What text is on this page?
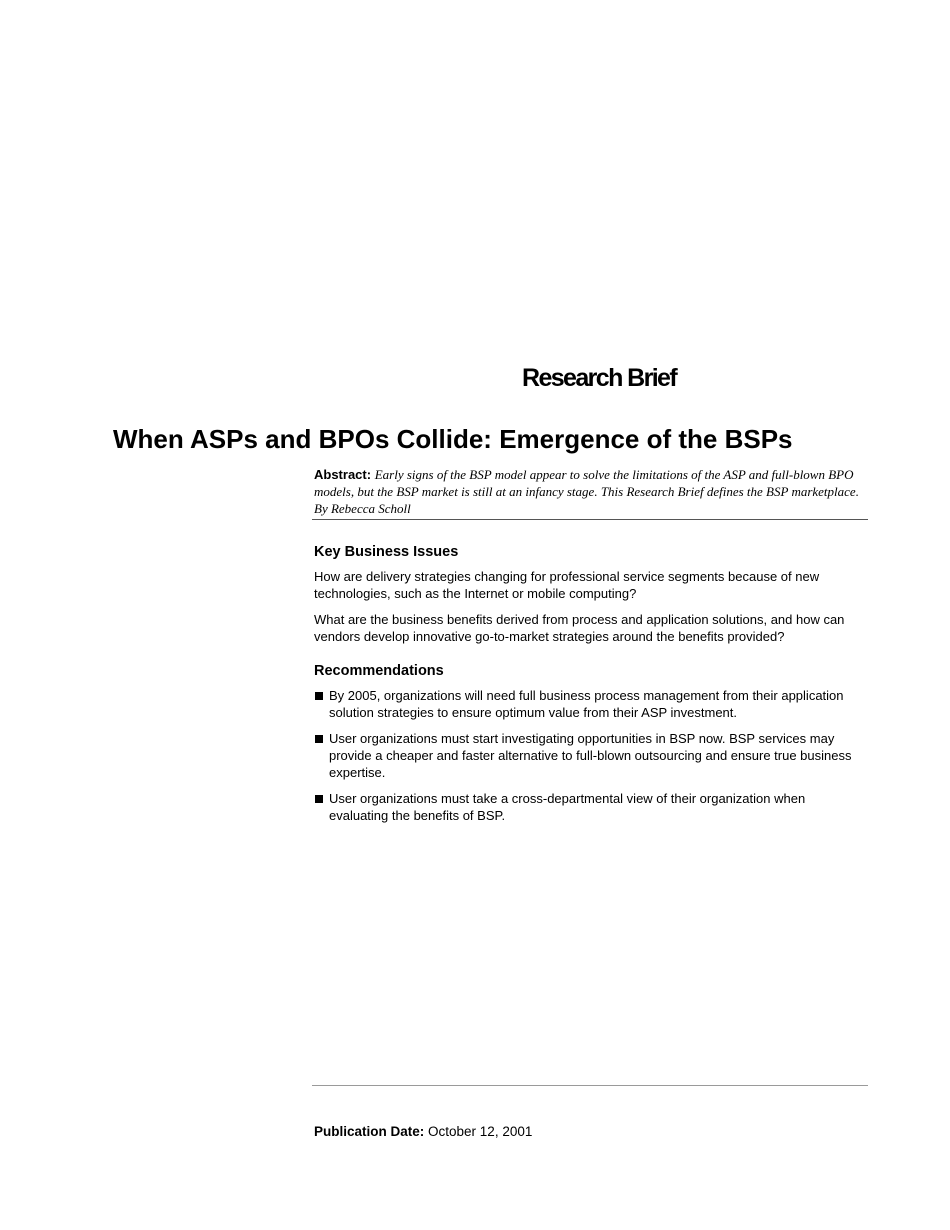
Research Brief
When ASPs and BPOs Collide: Emergence of the BSPs
Abstract: Early signs of the BSP model appear to solve the limitations of the ASP and full-blown BPO models, but the BSP market is still at an infancy stage. This Research Brief defines the BSP marketplace.
By Rebecca Scholl
Key Business Issues

How are delivery strategies changing for professional service segments because of new technologies, such as the Internet or mobile computing?

What are the business benefits derived from process and application solutions, and how can vendors develop innovative go-to-market strategies around the benefits provided?

Recommendations
By 2005, organizations will need full business process management from their application solution strategies to ensure optimum value from their ASP investment.
User organizations must start investigating opportunities in BSP now. BSP services may provide a cheaper and faster alternative to full-blown outsourcing and ensure true business expertise.
User organizations must take a cross-departmental view of their organization when evaluating the benefits of BSP.
Publication Date: October 12, 2001
